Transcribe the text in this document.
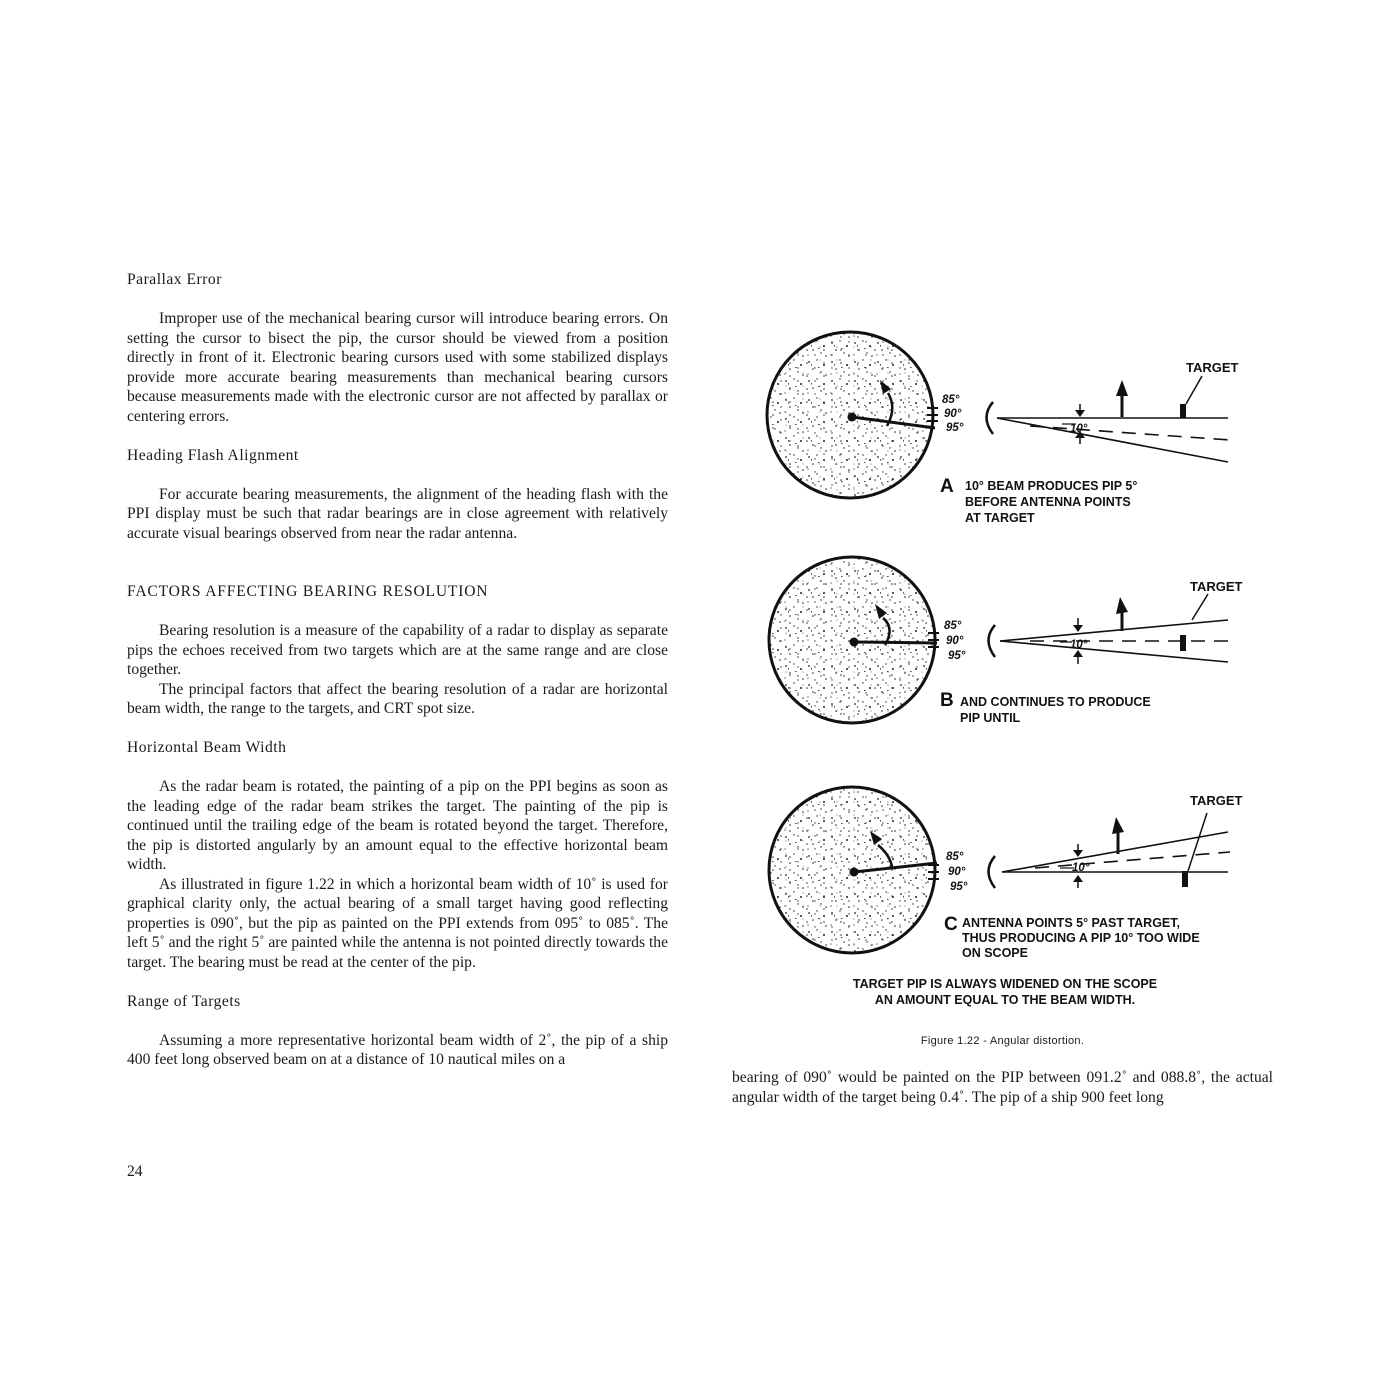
Parallax Error

Improper use of the mechanical bearing cursor will introduce bearing errors. On setting the cursor to bisect the pip, the cursor should be viewed from a position directly in front of it. Electronic bearing cursors used with some stabilized displays provide more accurate bearing measurements than mechanical bearing cursors because measurements made with the electronic cursor are not affected by parallax or centering errors.

Heading Flash Alignment

For accurate bearing measurements, the alignment of the heading flash with the PPI display must be such that radar bearings are in close agreement with relatively accurate visual bearings observed from near the radar antenna.

FACTORS AFFECTING BEARING RESOLUTION

Bearing resolution is a measure of the capability of a radar to display as separate pips the echoes received from two targets which are at the same range and are close together.

The principal factors that affect the bearing resolution of a radar are horizontal beam width, the range to the targets, and CRT spot size.

Horizontal Beam Width

As the radar beam is rotated, the painting of a pip on the PPI begins as soon as the leading edge of the radar beam strikes the target. The painting of the pip is continued until the trailing edge of the beam is rotated beyond the target. Therefore, the pip is distorted angularly by an amount equal to the effective horizontal beam width.

As illustrated in figure 1.22 in which a horizontal beam width of 10˚ is used for graphical clarity only, the actual bearing of a small target having good reflecting properties is 090˚, but the pip as painted on the PPI extends from 095˚ to 085˚. The left 5˚ and the right 5˚ are painted while the antenna is not pointed directly towards the target. The bearing must be read at the center of the pip.

Range of Targets

Assuming a more representative horizontal beam width of 2˚, the pip of a ship 400 feet long observed beam on at a distance of 10 nautical miles on a

24
85°
90°
95°	10°
TARGET
A 10° BEAM PRODUCES PIP 5°
BEFORE ANTENNA POINTS
AT TARGET
85°
90°
95°
10°
TARGET
B AND CONTINUES TO PRODUCE
PIP UNTIL
85°
90°
95°
10°
TARGET
C ANTENNA POINTS 5° PAST TARGET,
THUS PRODUCING A PIP 10° TOO WIDE
ON SCOPE
TARGET PIP IS ALWAYS WIDENED ON THE SCOPE
AN AMOUNT EQUAL TO THE BEAM WIDTH.
Figure 1.22 - Angular distortion.

bearing of 090˚ would be painted on the PIP between 091.2˚ and 088.8˚, the actual angular width of the target being 0.4˚. The pip of a ship 900 feet long
